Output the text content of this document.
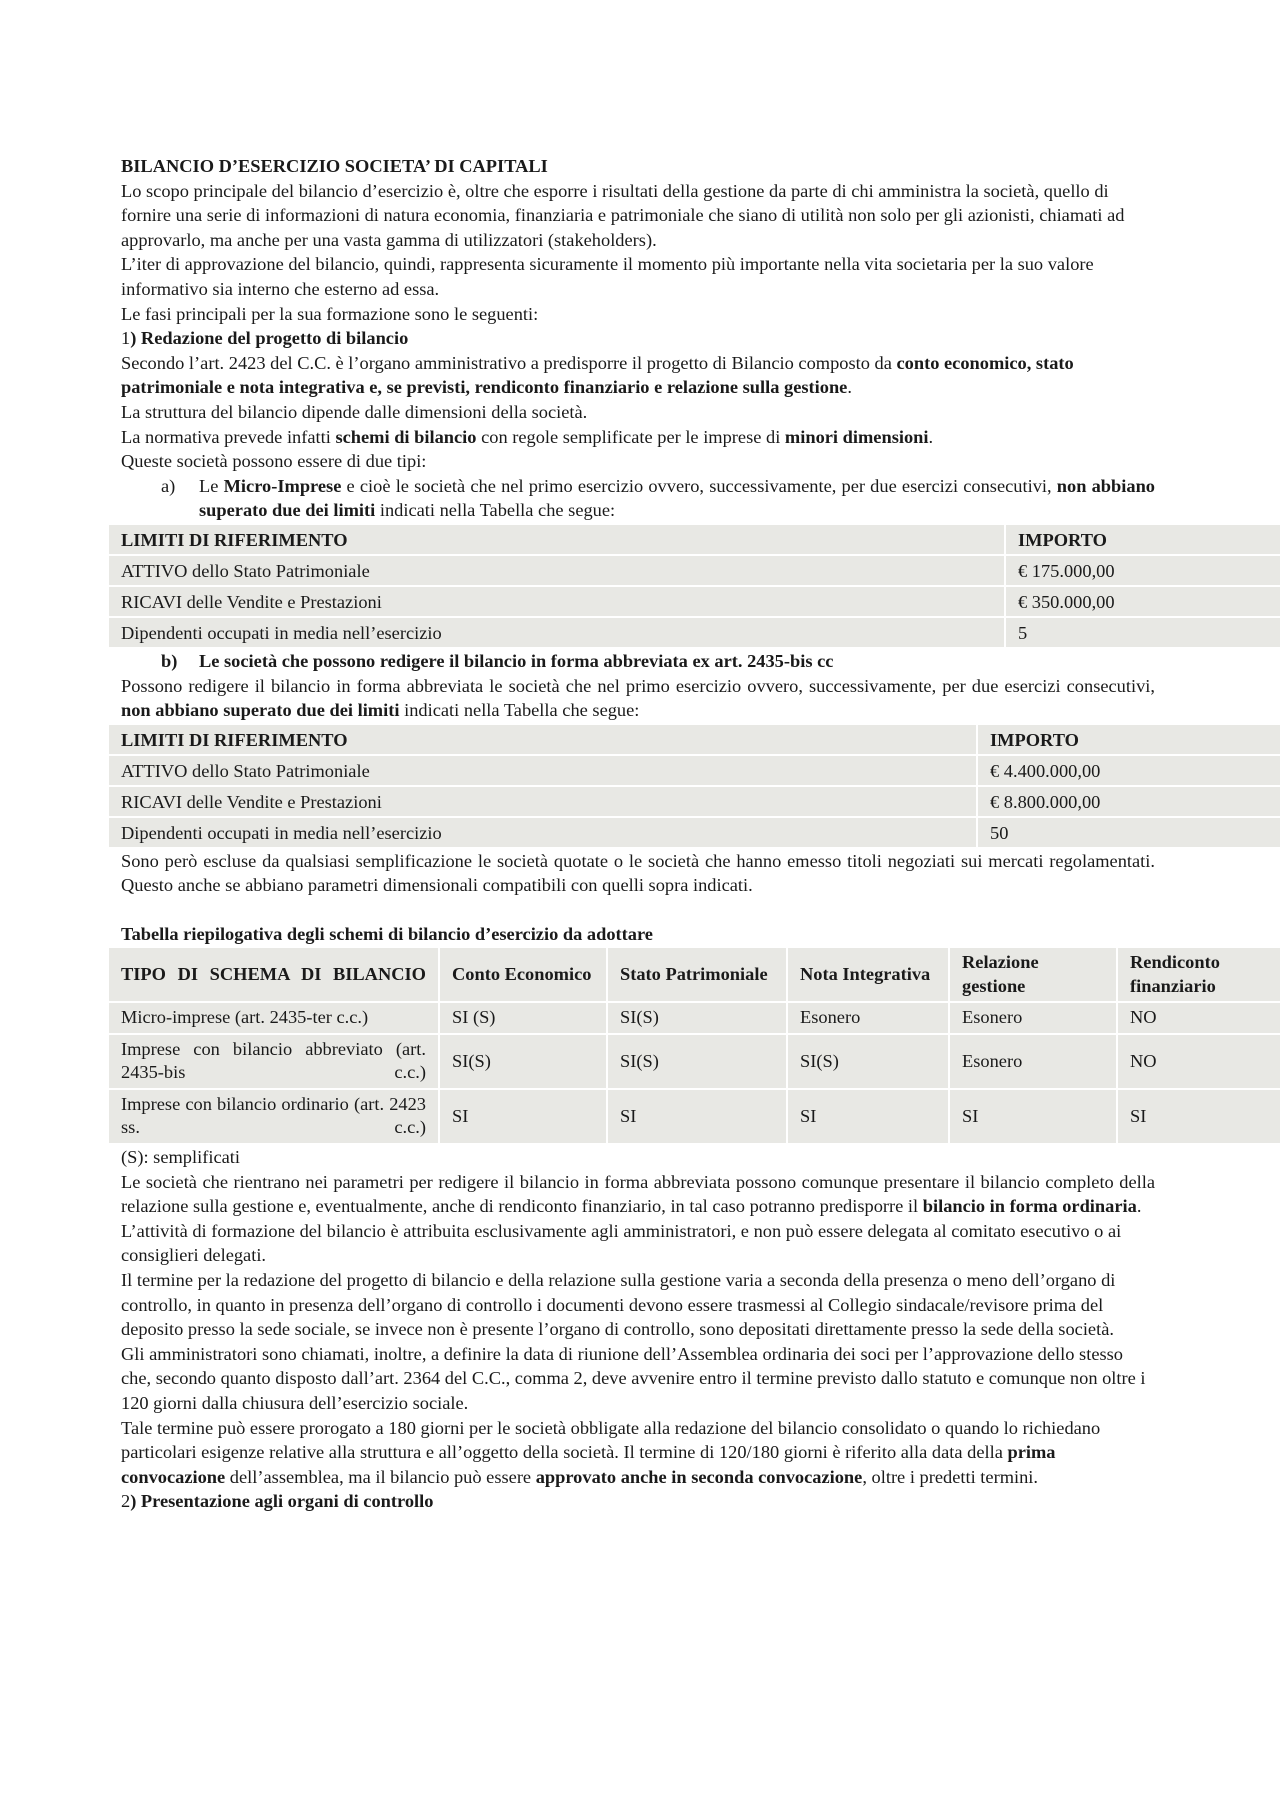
BILANCIO D’ESERCIZIO SOCIETA’ DI CAPITALI

Lo scopo principale del bilancio d’esercizio è, oltre che esporre i risultati della gestione da parte di chi amministra la società, quello di fornire una serie di informazioni di natura economia, finanziaria e patrimoniale che siano di utilità non solo per gli azionisti, chiamati ad approvarlo, ma anche per una vasta gamma di utilizzatori (stakeholders).

L’iter di approvazione del bilancio, quindi, rappresenta sicuramente il momento più importante nella vita societaria per la suo valore informativo sia interno che esterno ad essa.

Le fasi principali per la sua formazione sono le seguenti:

1) Redazione del progetto di bilancio

Secondo l’art. 2423 del C.C. è l’organo amministrativo a predisporre il progetto di Bilancio composto da conto economico, stato patrimoniale e nota integrativa e, se previsti, rendiconto finanziario e relazione sulla gestione.

La struttura del bilancio dipende dalle dimensioni della società.

La normativa prevede infatti schemi di bilancio con regole semplificate per le imprese di minori dimensioni.

Queste società possono essere di due tipi:

a)	Le Micro-Imprese e cioè le società che nel primo esercizio ovvero, successivamente, per due esercizi consecutivi, non abbiano superato due dei limiti indicati nella Tabella che segue:

LIMITI DI RIFERIMENTO	IMPORTO
ATTIVO dello Stato Patrimoniale	€ 175.000,00
RICAVI delle Vendite e Prestazioni	€ 350.000,00
Dipendenti occupati in media nell’esercizio	5
b)	Le società che possono redigere il bilancio in forma abbreviata ex art. 2435-bis cc

Possono redigere il bilancio in forma abbreviata le società che nel primo esercizio ovvero, successivamente, per due esercizi consecutivi, non abbiano superato due dei limiti indicati nella Tabella che segue:

LIMITI DI RIFERIMENTO	IMPORTO
ATTIVO dello Stato Patrimoniale	€ 4.400.000,00
RICAVI delle Vendite e Prestazioni	€ 8.800.000,00
Dipendenti occupati in media nell’esercizio	50

Sono però escluse da qualsiasi semplificazione le società quotate o le società che hanno emesso titoli negoziati sui mercati regolamentati. Questo anche se abbiano parametri dimensionali compatibili con quelli sopra indicati.

Tabella riepilogativa degli schemi di bilancio d’esercizio da adottare

TIPO DI SCHEMA DI BILANCIO	Conto Economico	Stato Patrimoniale	Nota Integrativa	Relazione gestione	Rendiconto finanziario
Micro-imprese (art. 2435-ter c.c.)	SI (S)	SI(S)	Esonero	Esonero	NO
Imprese con bilancio abbreviato (art. 2435-bis c.c.)	SI(S)	SI(S)	SI(S)	Esonero	NO
Imprese con bilancio ordinario (art. 2423 ss. c.c.)	SI	SI	SI	SI	SI

(S): semplificati

Le società che rientrano nei parametri per redigere il bilancio in forma abbreviata possono comunque presentare il bilancio completo della relazione sulla gestione e, eventualmente, anche di rendiconto finanziario, in tal caso potranno predisporre il bilancio in forma ordinaria.

L’attività di formazione del bilancio è attribuita esclusivamente agli amministratori, e non può essere delegata al comitato esecutivo o ai consiglieri delegati.

Il termine per la redazione del progetto di bilancio e della relazione sulla gestione varia a seconda della presenza o meno dell’organo di controllo, in quanto in presenza dell’organo di controllo i documenti devono essere trasmessi al Collegio sindacale/revisore prima del deposito presso la sede sociale, se invece non è presente l’organo di controllo, sono depositati direttamente presso la sede della società.

Gli amministratori sono chiamati, inoltre, a definire la data di riunione dell’Assemblea ordinaria dei soci per l’approvazione dello stesso che, secondo quanto disposto dall’art. 2364 del C.C., comma 2, deve avvenire entro il termine previsto dallo statuto e comunque non oltre i 120 giorni dalla chiusura dell’esercizio sociale.

Tale termine può essere prorogato a 180 giorni per le società obbligate alla redazione del bilancio consolidato o quando lo richiedano particolari esigenze relative alla struttura e all’oggetto della società. Il termine di 120/180 giorni è riferito alla data della prima convocazione dell’assemblea, ma il bilancio può essere approvato anche in seconda convocazione, oltre i predetti termini.

2) Presentazione agli organi di controllo
